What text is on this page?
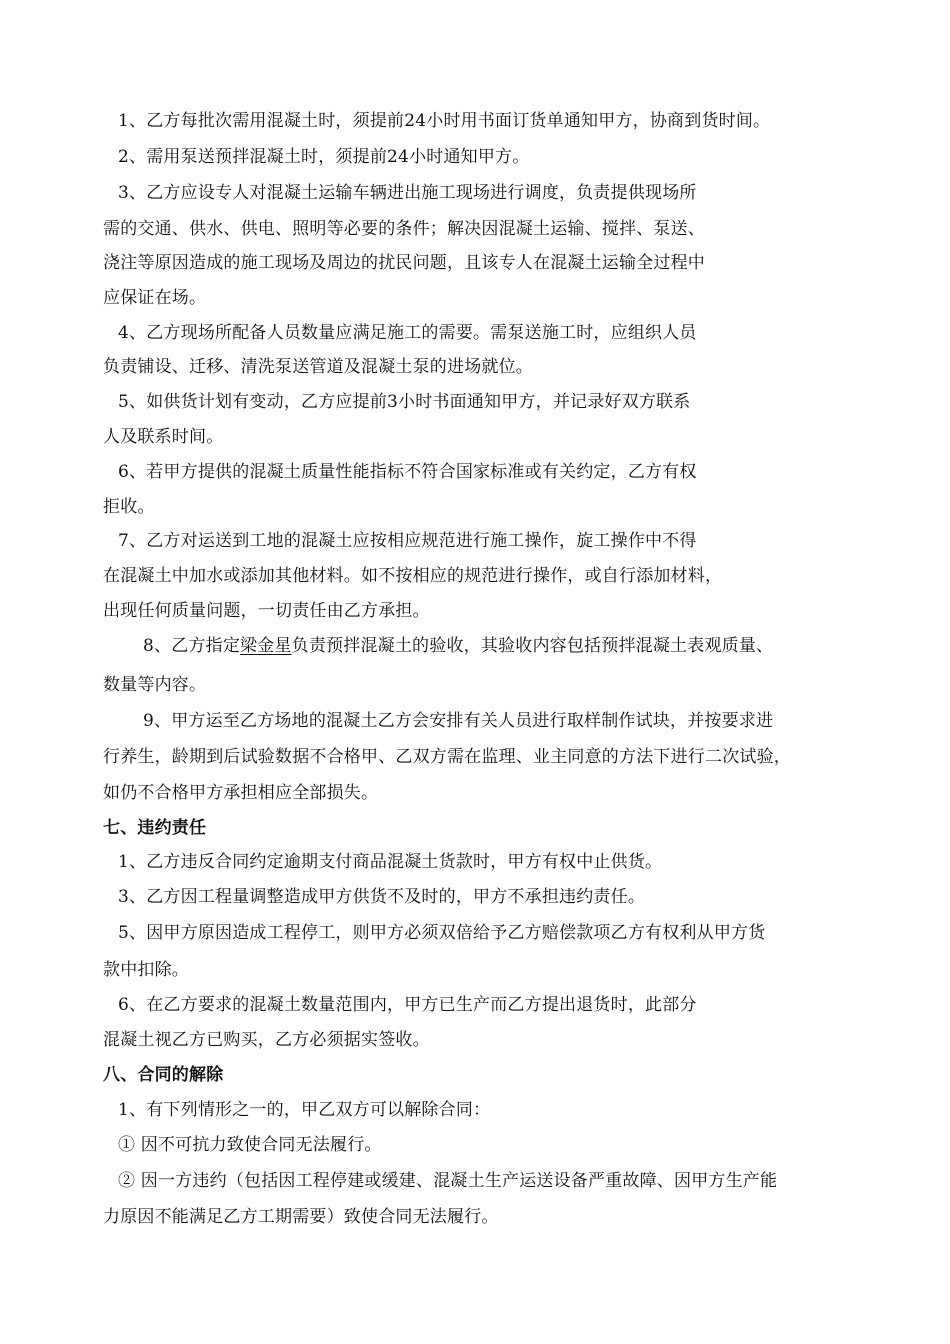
1、乙方每批次需用混凝土时，须提前24小时用书面订货单通知甲方，协商到货时间。
2、需用泵送预拌混凝土时，须提前24小时通知甲方。
3、乙方应设专人对混凝土运输车辆进出施工现场进行调度，负责提供现场所
需的交通、供水、供电、照明等必要的条件；解决因混凝土运输、搅拌、泵送、
浇注等原因造成的施工现场及周边的扰民问题，且该专人在混凝土运输全过程中
应保证在场。
4、乙方现场所配备人员数量应满足施工的需要。需泵送施工时，应组织人员
负责铺设、迁移、清洗泵送管道及混凝土泵的进场就位。
5、如供货计划有变动，乙方应提前3小时书面通知甲方，并记录好双方联系
人及联系时间。
6、若甲方提供的混凝土质量性能指标不符合国家标准或有关约定，乙方有权
拒收。
7、乙方对运送到工地的混凝土应按相应规范进行施工操作，旋工操作中不得
在混凝土中加水或添加其他材料。如不按相应的规范进行操作，或自行添加材料，
出现任何质量问题，一切责任由乙方承担。
8、乙方指定梁金星负责预拌混凝土的验收，其验收内容包括预拌混凝土表观质量、
数量等内容。
9、甲方运至乙方场地的混凝土乙方会安排有关人员进行取样制作试块，并按要求进
行养生，龄期到后试验数据不合格甲、乙双方需在监理、业主同意的方法下进行二次试验，
如仍不合格甲方承担相应全部损失。
七、违约责任
1、乙方违反合同约定逾期支付商品混凝土货款时，甲方有权中止供货。
3、乙方因工程量调整造成甲方供货不及时的，甲方不承担违约责任。
5、因甲方原因造成工程停工，则甲方必须双倍给予乙方赔偿款项乙方有权利从甲方货
款中扣除。
6、在乙方要求的混凝土数量范围内，甲方已生产而乙方提出退货时，此部分
混凝土视乙方已购买，乙方必须据实签收。
八、合同的解除
1、有下列情形之一的，甲乙双方可以解除合同：
① 因不可抗力致使合同无法履行。
② 因一方违约（包括因工程停建或缓建、混凝土生产运送设备严重故障、因甲方生产能
力原因不能满足乙方工期需要）致使合同无法履行。
